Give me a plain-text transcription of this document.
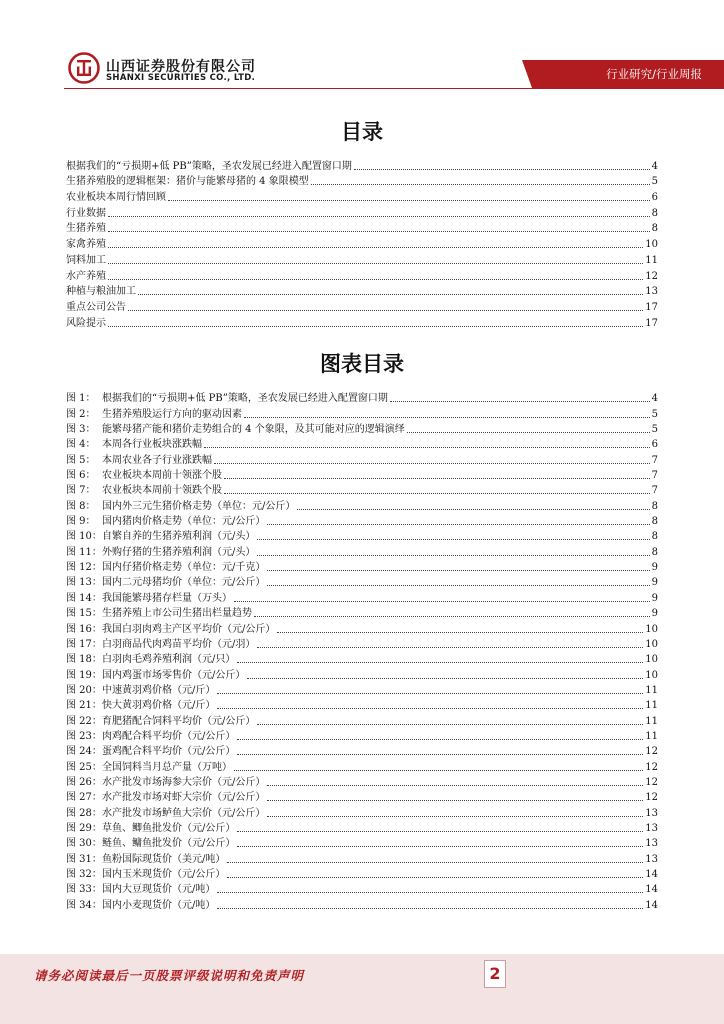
山西证券股份有限公司
SHANXI SECURITIES CO., LTD.	行业研究/行业周报
目录
根据我们的“亏损期+低 PB”策略，圣农发展已经进入配置窗口期	4
生猪养殖股的逻辑框架：猪价与能繁母猪的 4 象限模型	5
农业板块本周行情回顾	6
行业数据	8
生猪养殖	8
家禽养殖	10
饲料加工	11
水产养殖	12
种植与粮油加工	13
重点公司公告	17
风险提示	17
图表目录
图 1： 根据我们的“亏损期+低 PB”策略，圣农发展已经进入配置窗口期	4
图 2： 生猪养殖股运行方向的驱动因素	5
图 3： 能繁母猪产能和猪价走势组合的 4 个象限，及其可能对应的逻辑演绎	5
图 4： 本周各行业板块涨跌幅	6
图 5： 本周农业各子行业涨跌幅	7
图 6： 农业板块本周前十领涨个股	7
图 7： 农业板块本周前十领跌个股	7
图 8： 国内外三元生猪价格走势（单位：元/公斤）	8
图 9： 国内猪肉价格走势（单位：元/公斤）	8
图 10：自繁自养的生猪养殖利润（元/头）	8
图 11：外购仔猪的生猪养殖利润（元/头）	8
图 12：国内仔猪价格走势（单位：元/千克）	9
图 13：国内二元母猪均价（单位：元/公斤）	9
图 14：我国能繁母猪存栏量（万头）	9
图 15：生猪养殖上市公司生猪出栏量趋势	9
图 16：我国白羽肉鸡主产区平均价（元/公斤）	10
图 17：白羽商品代肉鸡苗平均价（元/羽）	10
图 18：白羽肉毛鸡养殖利润（元/只）	10
图 19：国内鸡蛋市场零售价（元/公斤）	10
图 20：中速黄羽鸡价格（元/斤）	11
图 21：快大黄羽鸡价格（元/斤）	11
图 22：育肥猪配合饲料平均价（元/公斤）	11
图 23：肉鸡配合料平均价（元/公斤）	11
图 24：蛋鸡配合料平均价（元/公斤）	12
图 25：全国饲料当月总产量（万吨）	12
图 26：水产批发市场海参大宗价（元/公斤）	12
图 27：水产批发市场对虾大宗价（元/公斤）	12
图 28：水产批发市场鲈鱼大宗价（元/公斤）	13
图 29：草鱼、鲫鱼批发价（元/公斤）	13
图 30：鲢鱼、鳙鱼批发价（元/公斤）	13
图 31：鱼粉国际现货价（美元/吨）	13
图 32：国内玉米现货价（元/公斤）	14
图 33：国内大豆现货价（元/吨）	14
图 34：国内小麦现货价（元/吨）	14
请务必阅读最后一页股票评级说明和免责声明	2
